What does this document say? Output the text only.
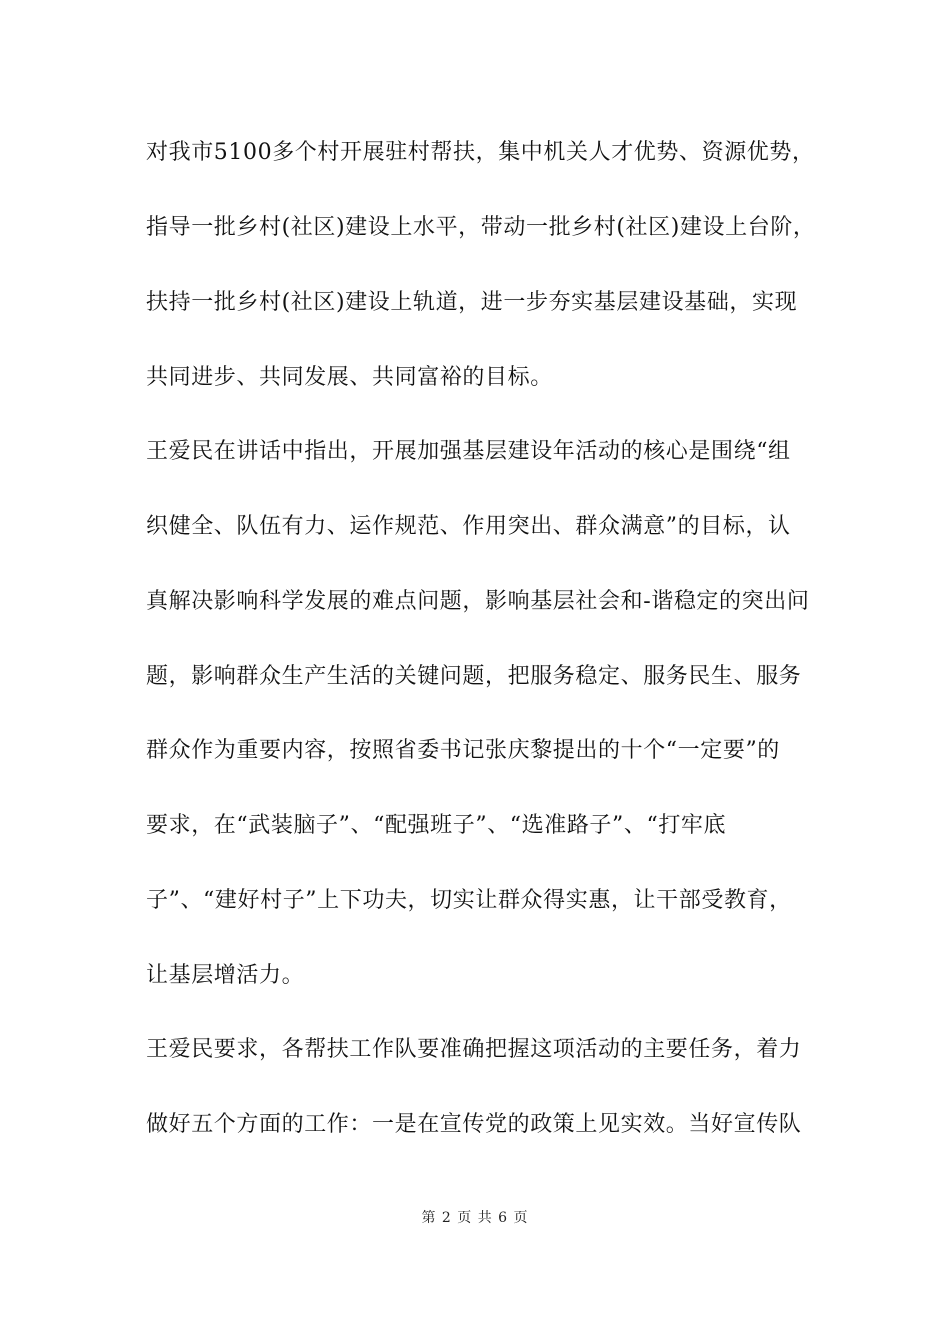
对我市5100多个村开展驻村帮扶，集中机关人才优势、资源优势，
指导一批乡村(社区)建设上水平，带动一批乡村(社区)建设上台阶，
扶持一批乡村(社区)建设上轨道，进一步夯实基层建设基础，实现
共同进步、共同发展、共同富裕的目标。
王爱民在讲话中指出，开展加强基层建设年活动的核心是围绕“组
织健全、队伍有力、运作规范、作用突出、群众满意”的目标，认
真解决影响科学发展的难点问题，影响基层社会和-谐稳定的突出问
题，影响群众生产生活的关键问题，把服务稳定、服务民生、服务
群众作为重要内容，按照省委书记张庆黎提出的十个“一定要”的
要求，在“武装脑子”、“配强班子”、“选准路子”、“打牢底
子”、“建好村子”上下功夫，切实让群众得实惠，让干部受教育，
让基层增活力。
王爱民要求，各帮扶工作队要准确把握这项活动的主要任务，着力
做好五个方面的工作：一是在宣传党的政策上见实效。当好宣传队
第 2 页 共 6 页
